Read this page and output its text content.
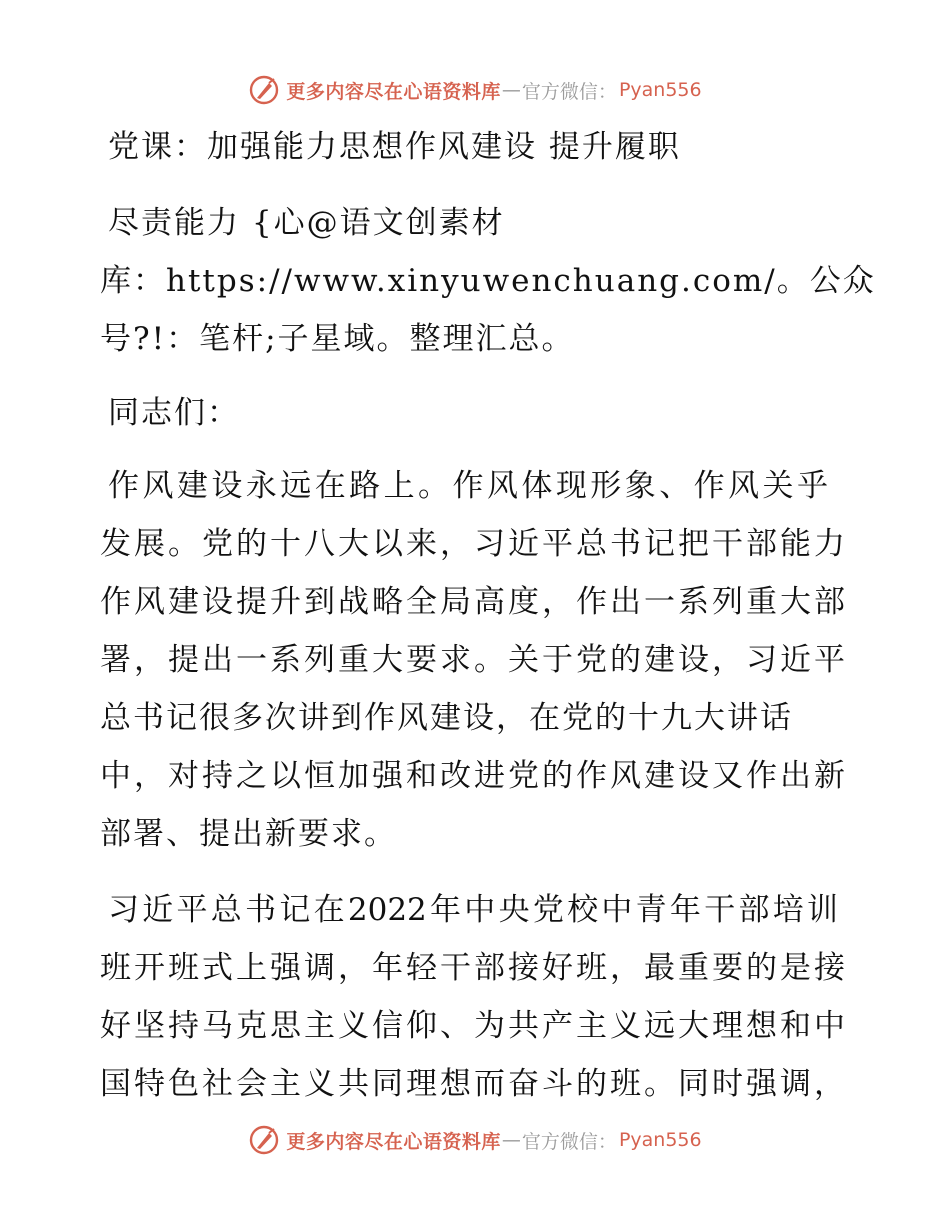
更多内容尽在心语资料库 — 官方微信： Pyan556
党课：加强能力思想作风建设 提升履职
尽责能力 {心@语文创素材
库：https://www.xinyuwenchuang.com/。公众
号?!：笔杆;子星域。整理汇总。
同志们：
作风建设永远在路上。作风体现形象、作风关乎
发展。党的十八大以来，习近平总书记把干部能力
作风建设提升到战略全局高度，作出一系列重大部
署，提出一系列重大要求。关于党的建设，习近平
总书记很多次讲到作风建设，在党的十九大讲话
中，对持之以恒加强和改进党的作风建设又作出新
部署、提出新要求。
习近平总书记在2022年中央党校中青年干部培训
班开班式上强调，年轻干部接好班，最重要的是接
好坚持马克思主义信仰、为共产主义远大理想和中
国特色社会主义共同理想而奋斗的班。同时强调，
更多内容尽在心语资料库 — 官方微信： Pyan556
